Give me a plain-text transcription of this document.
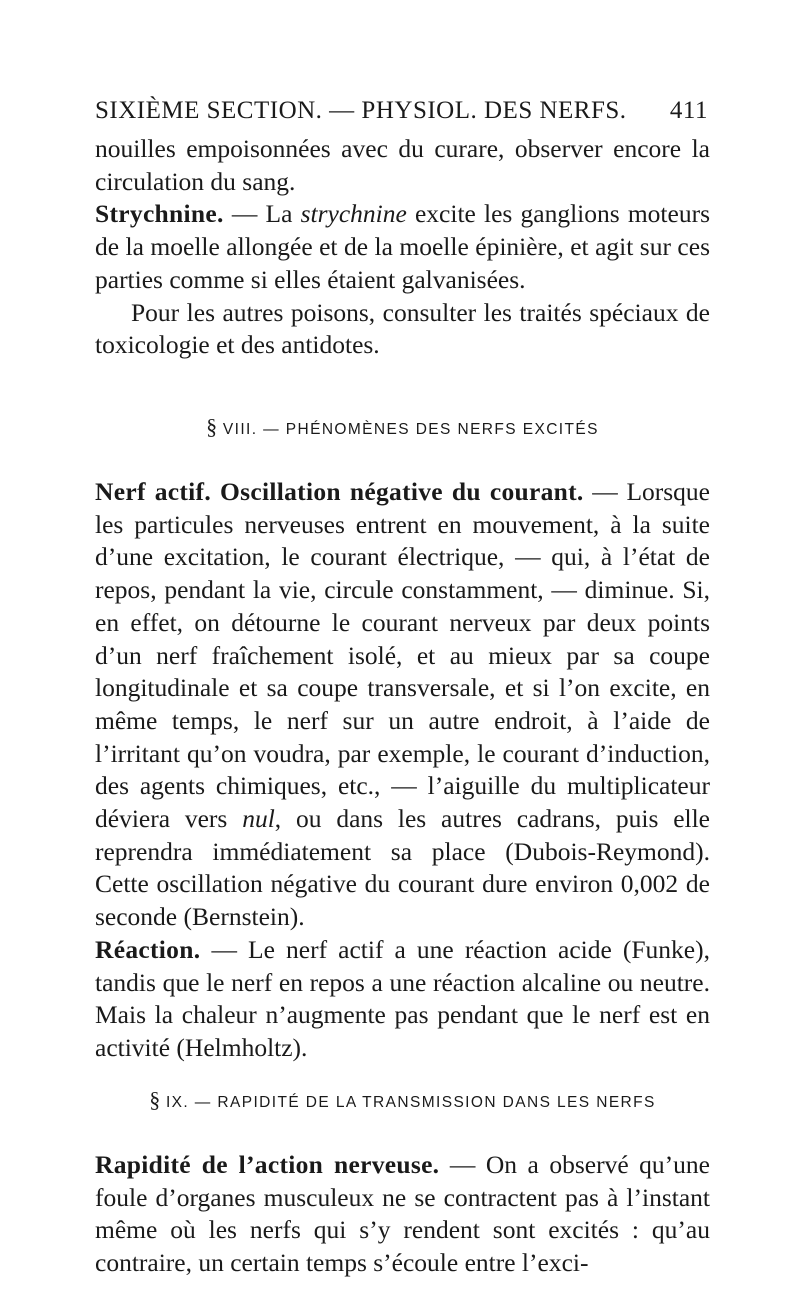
SIXIÈME SECTION. — PHYSIOL. DES NERFS. 411

nouilles empoisonnées avec du curare, observer encore la circulation du sang.

Strychnine. — La strychnine excite les ganglions moteurs de la moelle allongée et de la moelle épinière, et agit sur ces parties comme si elles étaient galvanisées.

Pour les autres poisons, consulter les traités spéciaux de toxicologie et des antidotes.

§ VIII. — PHÉNOMÈNES DES NERFS EXCITÉS

Nerf actif. Oscillation négative du courant. — Lorsque les particules nerveuses entrent en mouvement, à la suite d’une excitation, le courant électrique, — qui, à l’état de repos, pendant la vie, circule constamment, — diminue. Si, en effet, on détourne le courant nerveux par deux points d’un nerf fraîchement isolé, et au mieux par sa coupe longitudinale et sa coupe transversale, et si l’on excite, en même temps, le nerf sur un autre endroit, à l’aide de l’irritant qu’on voudra, par exemple, le courant d’induction, des agents chimiques, etc., — l’aiguille du multiplicateur déviera vers nul, ou dans les autres cadrans, puis elle reprendra immédiatement sa place (Dubois-Reymond). Cette oscillation négative du courant dure environ 0,002 de seconde (Bernstein).

Réaction. — Le nerf actif a une réaction acide (Funke), tandis que le nerf en repos a une réaction alcaline ou neutre. Mais la chaleur n’augmente pas pendant que le nerf est en activité (Helmholtz).

§ IX. — RAPIDITÉ DE LA TRANSMISSION DANS LES NERFS

Rapidité de l’action nerveuse. — On a observé qu’une foule d’organes musculeux ne se contractent pas à l’instant même où les nerfs qui s’y rendent sont excités : qu’au contraire, un certain temps s’écoule entre l’exci-
